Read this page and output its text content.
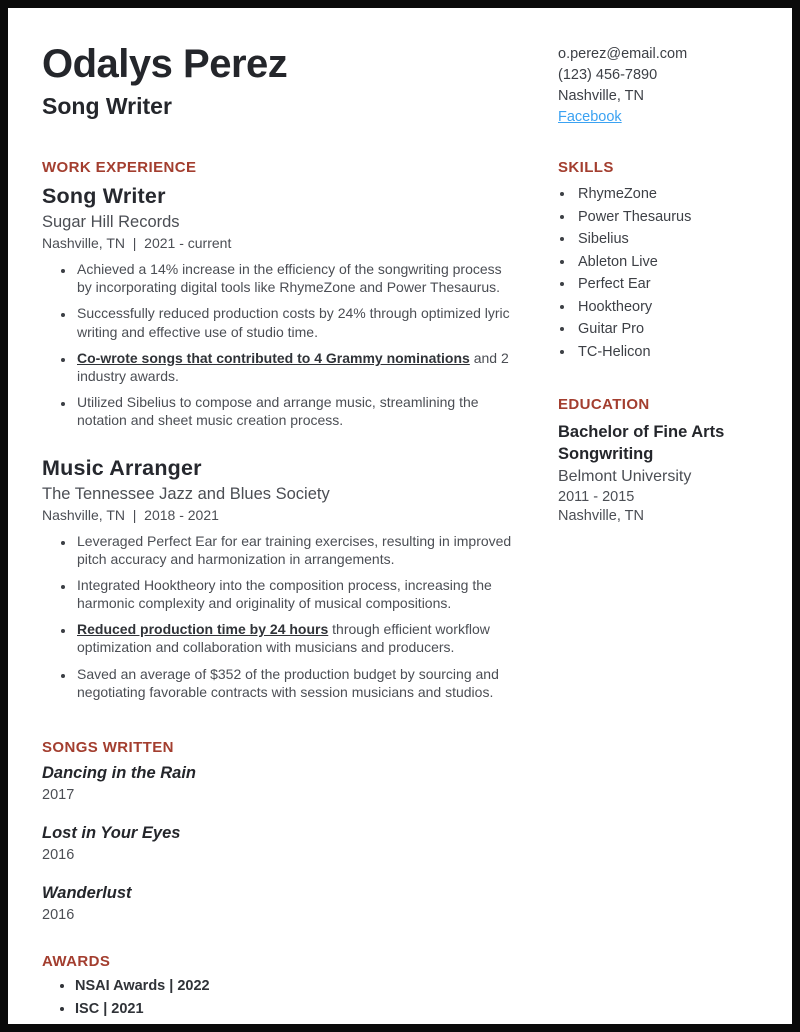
Odalys Perez
Song Writer
o.perez@email.com
(123) 456-7890
Nashville, TN
Facebook
WORK EXPERIENCE
Song Writer
Sugar Hill Records
Nashville, TN  |  2021 - current
• Achieved a 14% increase in the efficiency of the songwriting process by incorporating digital tools like RhymeZone and Power Thesaurus.
• Successfully reduced production costs by 24% through optimized lyric writing and effective use of studio time.
• Co-wrote songs that contributed to 4 Grammy nominations and 2 industry awards.
• Utilized Sibelius to compose and arrange music, streamlining the notation and sheet music creation process.
Music Arranger
The Tennessee Jazz and Blues Society
Nashville, TN  |  2018 - 2021
• Leveraged Perfect Ear for ear training exercises, resulting in improved pitch accuracy and harmonization in arrangements.
• Integrated Hooktheory into the composition process, increasing the harmonic complexity and originality of musical compositions.
• Reduced production time by 24 hours through efficient workflow optimization and collaboration with musicians and producers.
• Saved an average of $352 of the production budget by sourcing and negotiating favorable contracts with session musicians and studios.
SONGS WRITTEN
Dancing in the Rain
2017
Lost in Your Eyes
2016
Wanderlust
2016
AWARDS
• NSAI Awards | 2022
• ISC | 2021
SKILLS
• RhymeZone
• Power Thesaurus
• Sibelius
• Ableton Live
• Perfect Ear
• Hooktheory
• Guitar Pro
• TC-Helicon
EDUCATION
Bachelor of Fine Arts
Songwriting
Belmont University
2011 - 2015
Nashville, TN
